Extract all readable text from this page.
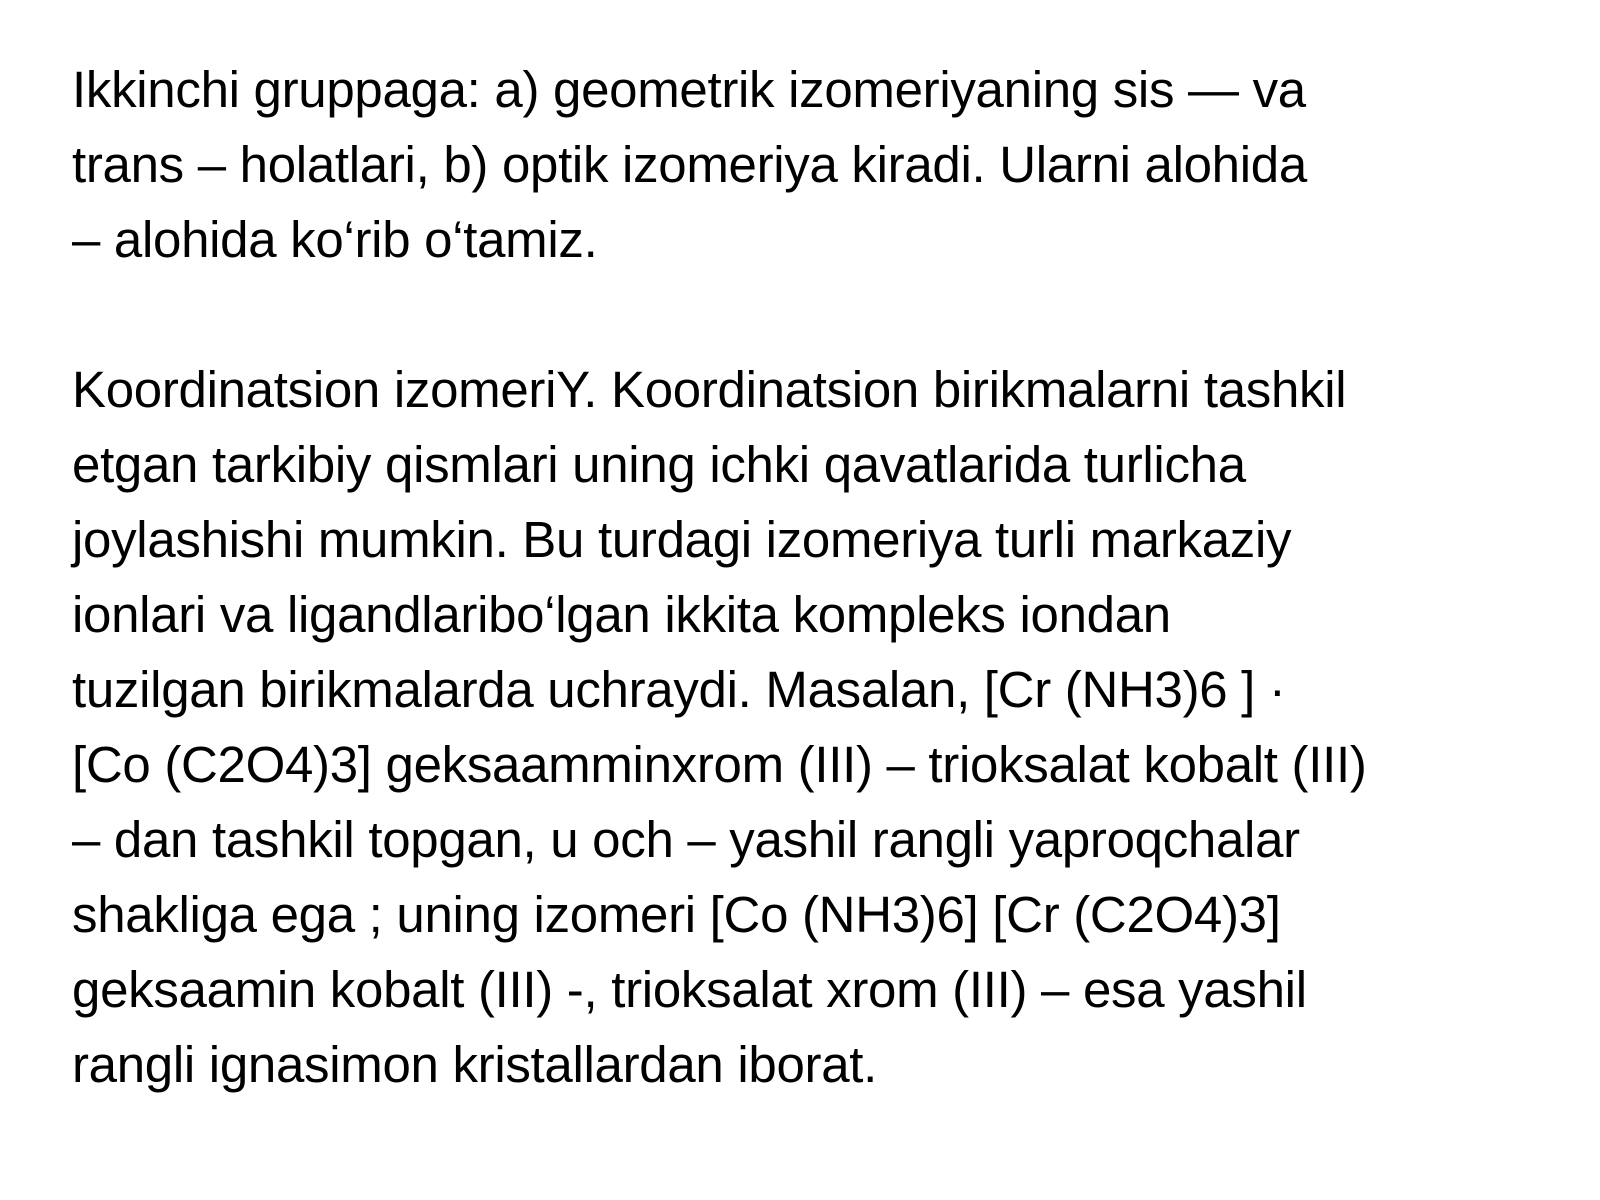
Ikkinchi gruppaga: a) geometrik izomeriyaning sis — va
trans – holatlari, b) optik izomeriya kiradi. Ularni alohida
– alohida ko‘rib o‘tamiz.

Koordinatsion izomeriY. Koordinatsion birikmalarni tashkil
etgan tarkibiy qismlari uning ichki qavatlarida turlicha
joylashishi mumkin. Bu turdagi izomeriya turli markaziy
ionlari va ligandlaribo‘lgan ikkita kompleks iondan
tuzilgan birikmalarda uchraydi. Masalan, [Cr (NH3)6 ] ·
[Co (C2O4)3] geksaamminxrom (III) – trioksalat kobalt (III)
– dan tashkil topgan, u och – yashil rangli yaproqchalar
shakliga ega ; uning izomeri [Co (NH3)6] [Cr (C2O4)3]
geksaamin kobalt (III) -, trioksalat xrom (III) – esa yashil
rangli ignasimon kristallardan iborat.
